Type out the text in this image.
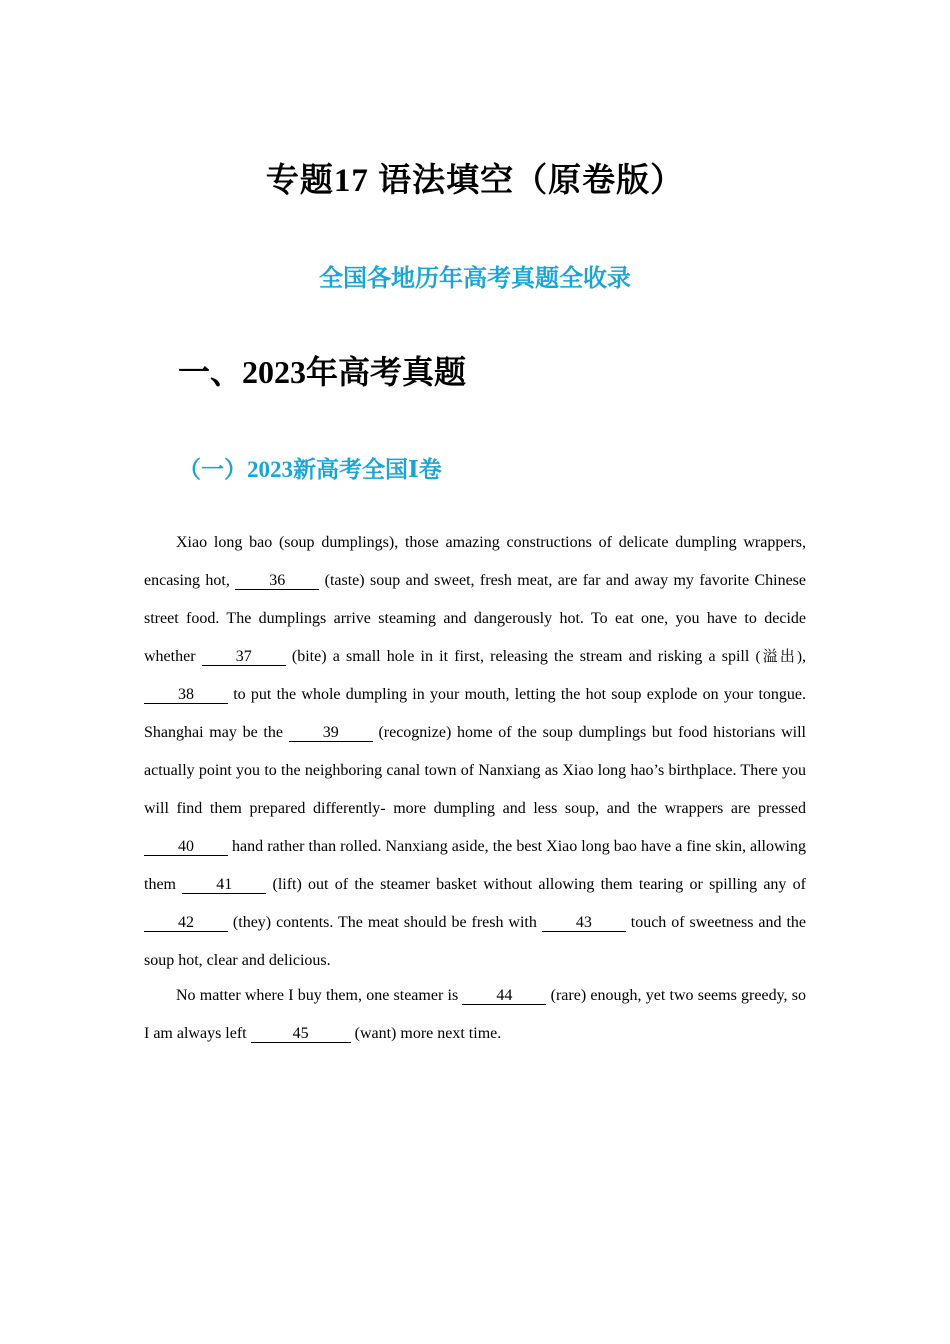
专题17 语法填空（原卷版）
全国各地历年高考真题全收录
一、2023年高考真题
（一）2023新高考全国Ⅰ卷

Xiao long bao (soup dumplings), those amazing constructions of delicate dumpling wrappers, encasing hot, 36 (taste) soup and sweet, fresh meat, are far and away my favorite Chinese street food. The dumplings arrive steaming and dangerously hot. To eat one, you have to decide whether 37 (bite) a small hole in it first, releasing the stream and risking a spill (溢出), 38 to put the whole dumpling in your mouth, letting the hot soup explode on your tongue. Shanghai may be the 39 (recognize) home of the soup dumplings but food historians will actually point you to the neighboring canal town of Nanxiang as Xiao long hao’s birthplace. There you will find them prepared differently- more dumpling and less soup, and the wrappers are pressed 40 hand rather than rolled. Nanxiang aside, the best Xiao long bao have a fine skin, allowing them 41 (lift) out of the steamer basket without allowing them tearing or spilling any of 42 (they) contents. The meat should be fresh with 43 touch of sweetness and the soup hot, clear and delicious.

No matter where I buy them, one steamer is 44 (rare) enough, yet two seems greedy, so I am always left	45	(want) more next time.
